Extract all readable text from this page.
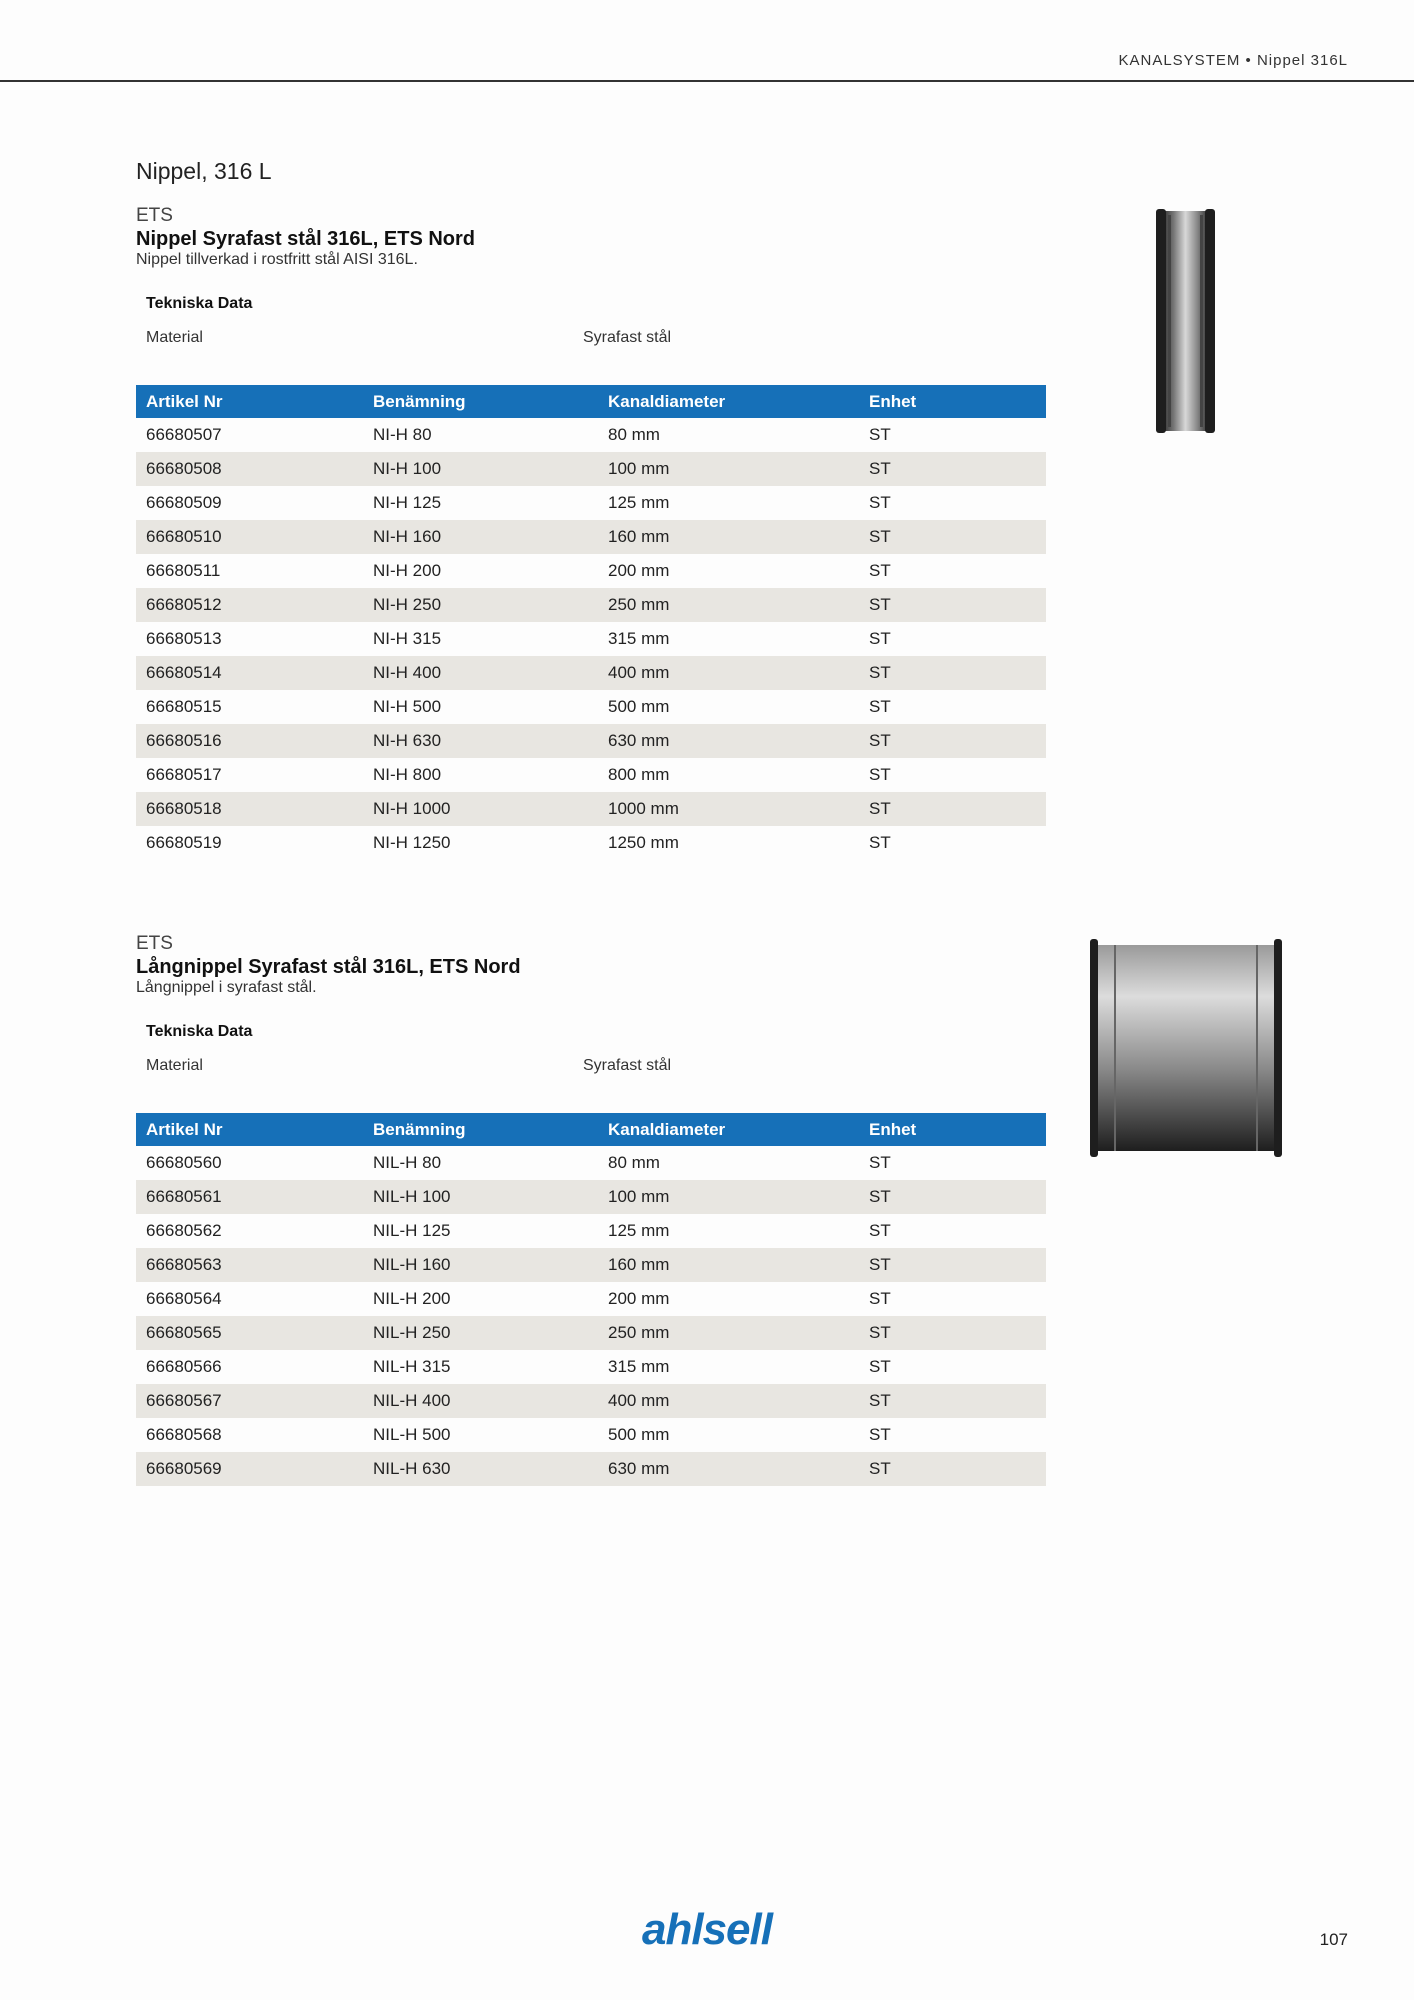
KANALSYSTEM • Nippel 316L
Nippel, 316 L
ETS
Nippel Syrafast stål 316L, ETS Nord
Nippel tillverkad i rostfritt stål AISI 316L.
Tekniska Data
Material	Syrafast stål
Artikel Nr	Benämning	Kanaldiameter	Enhet
66680507	NI-H 80	80 mm	ST
66680508	NI-H 100	100 mm	ST
66680509	NI-H 125	125 mm	ST
66680510	NI-H 160	160 mm	ST
66680511	NI-H 200	200 mm	ST
66680512	NI-H 250	250 mm	ST
66680513	NI-H 315	315 mm	ST
66680514	NI-H 400	400 mm	ST
66680515	NI-H 500	500 mm	ST
66680516	NI-H 630	630 mm	ST
66680517	NI-H 800	800 mm	ST
66680518	NI-H 1000	1000 mm	ST
66680519	NI-H 1250	1250 mm	ST
ETS
Långnippel Syrafast stål 316L, ETS Nord
Långnippel i syrafast stål.
Tekniska Data
Material	Syrafast stål
Artikel Nr	Benämning	Kanaldiameter	Enhet
66680560	NIL-H 80	80 mm	ST
66680561	NIL-H 100	100 mm	ST
66680562	NIL-H 125	125 mm	ST
66680563	NIL-H 160	160 mm	ST
66680564	NIL-H 200	200 mm	ST
66680565	NIL-H 250	250 mm	ST
66680566	NIL-H 315	315 mm	ST
66680567	NIL-H 400	400 mm	ST
66680568	NIL-H 500	500 mm	ST
66680569	NIL-H 630	630 mm	ST
ahlsell	107
